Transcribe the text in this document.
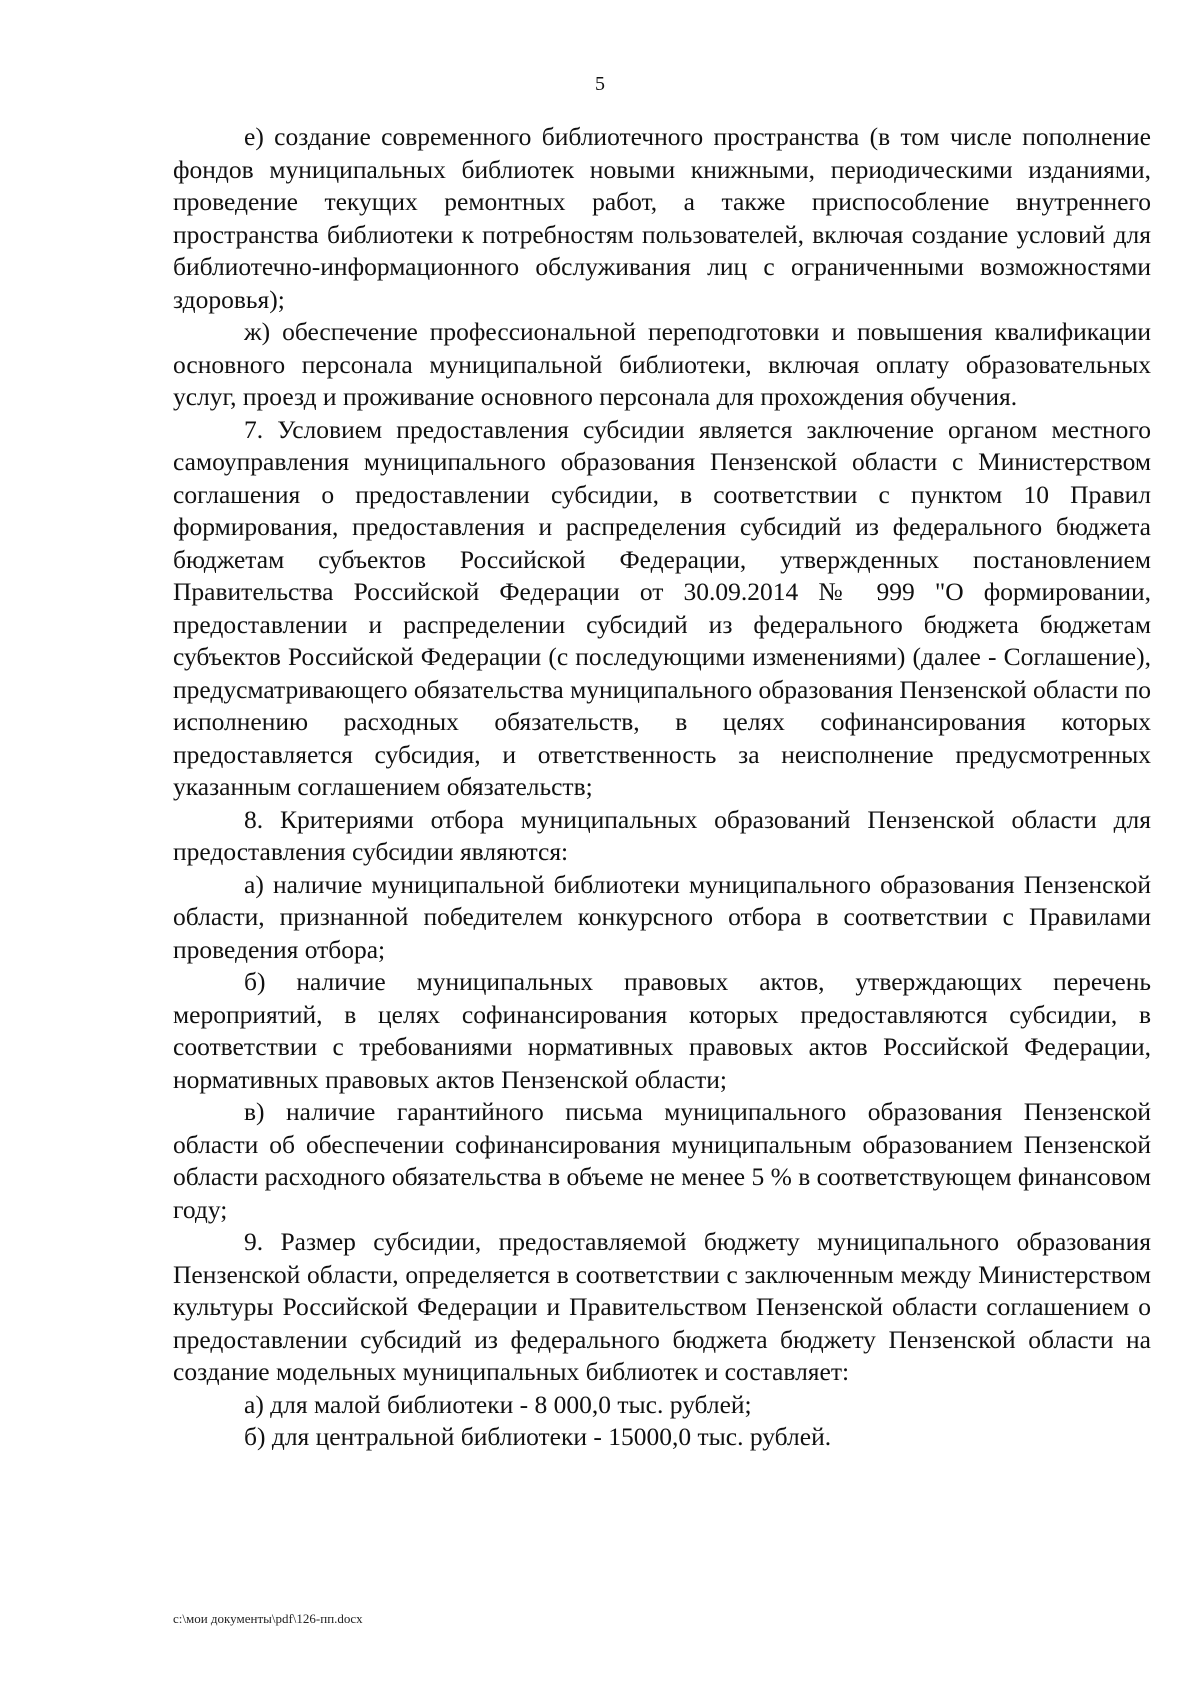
5

е) создание современного библиотечного пространства (в том числе пополнение фондов муниципальных библиотек новыми книжными, периодическими изданиями, проведение текущих ремонтных работ, а также приспособление внутреннего пространства библиотеки к потребностям пользователей, включая создание условий для библиотечно-информационного обслуживания лиц с ограниченными возможностями здоровья);

ж) обеспечение профессиональной переподготовки и повышения квалификации основного персонала муниципальной библиотеки, включая оплату образовательных услуг, проезд и проживание основного персонала для прохождения обучения.

7. Условием предоставления субсидии является заключение органом местного самоуправления муниципального образования Пензенской области с Министерством соглашения о предоставлении субсидии, в соответствии с пунктом 10 Правил формирования, предоставления и распределения субсидий из федерального бюджета бюджетам субъектов Российской Федерации, утвержденных постановлением Правительства Российской Федерации от 30.09.2014 № 999 "О формировании, предоставлении и распределении субсидий из федерального бюджета бюджетам субъектов Российской Федерации (с последующими изменениями) (далее - Соглашение), предусматривающего обязательства муниципального образования Пензенской области по исполнению расходных обязательств, в целях софинансирования которых предоставляется субсидия, и ответственность за неисполнение предусмотренных указанным соглашением обязательств;

8. Критериями отбора муниципальных образований Пензенской области для предоставления субсидии являются:

а) наличие муниципальной библиотеки муниципального образования Пензенской области, признанной победителем конкурсного отбора в соответствии с Правилами проведения отбора;

б) наличие муниципальных правовых актов, утверждающих перечень мероприятий, в целях софинансирования которых предоставляются субсидии, в соответствии с требованиями нормативных правовых актов Российской Федерации, нормативных правовых актов Пензенской области;

в) наличие гарантийного письма муниципального образования Пензенской области об обеспечении софинансирования муниципальным образованием Пензенской области расходного обязательства в объеме не менее 5 % в соответствующем финансовом году;

9. Размер субсидии, предоставляемой бюджету муниципального образования Пензенской области, определяется в соответствии с заключенным между Министерством культуры Российской Федерации и Правительством Пензенской области соглашением о предоставлении субсидий из федерального бюджета бюджету Пензенской области на создание модельных муниципальных библиотек и составляет:

а) для малой библиотеки - 8 000,0 тыс. рублей;

б) для центральной библиотеки - 15000,0 тыс. рублей.

c:\мои документы\pdf\126-пп.docx
